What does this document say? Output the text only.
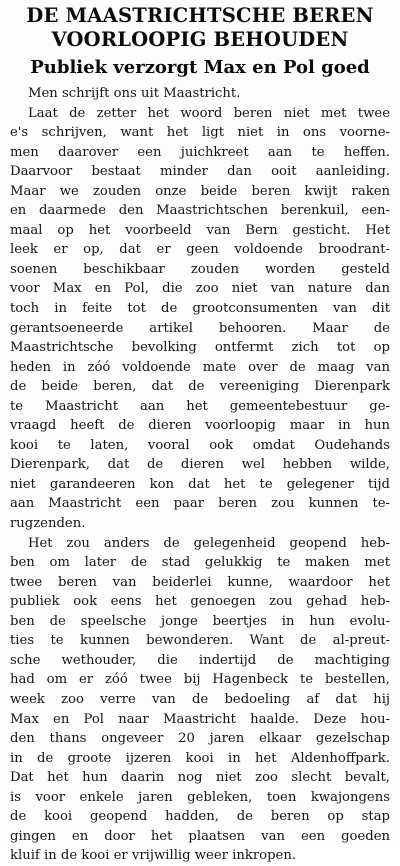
DE MAASTRICHTSCHE BEREN
VOORLOOPIG BEHOUDEN
Publiek verzorgt Max en Pol goed

Men schrijft ons uit Maastricht.

Laat de zetter het woord beren niet met twee
e's schrijven, want het ligt niet in ons voorne-
men daarover een juichkreet aan te heffen.
Daarvoor bestaat minder dan ooit aanleiding.
Maar we zouden onze beide beren kwijt raken
en daarmede den Maastrichtschen berenkuil, een-
maal op het voorbeeld van Bern gesticht. Het
leek er op, dat er geen voldoende broodrant-
soenen beschikbaar zouden worden gesteld
voor Max en Pol, die zoo niet van nature dan
toch in feite tot de grootconsumenten van dit
gerantsoeneerde artikel behooren. Maar de
Maastrichtsche bevolking ontfermt zich tot op
heden in zóó voldoende mate over de maag van
de beide beren, dat de vereeniging Dierenpark
te Maastricht aan het gemeentebestuur ge-
vraagd heeft de dieren voorloopig maar in hun
kooi te laten, vooral ook omdat Oudehands
Dierenpark, dat de dieren wel hebben wilde,
niet garandeeren kon dat het te gelegener tijd
aan Maastricht een paar beren zou kunnen te-
rugzenden.

Het zou anders de gelegenheid geopend heb-
ben om later de stad gelukkig te maken met
twee beren van beiderlei kunne, waardoor het
publiek ook eens het genoegen zou gehad heb-
ben de speelsche jonge beertjes in hun evolu-
ties te kunnen bewonderen. Want de al-preut-
sche wethouder, die indertijd de machtiging
had om er zóó twee bij Hagenbeck te bestellen,
week zoo verre van de bedoeling af dat hij
Max en Pol naar Maastricht haalde. Deze hou-
den thans ongeveer 20 jaren elkaar gezelschap
in de groote ijzeren kooi in het Aldenhoffpark.
Dat het hun daarin nog niet zoo slecht bevalt,
is voor enkele jaren gebleken, toen kwajongens
de kooi geopend hadden, de beren op stap
gingen en door het plaatsen van een goeden
kluif in de kooi er vrijwillig weer inkropen.
